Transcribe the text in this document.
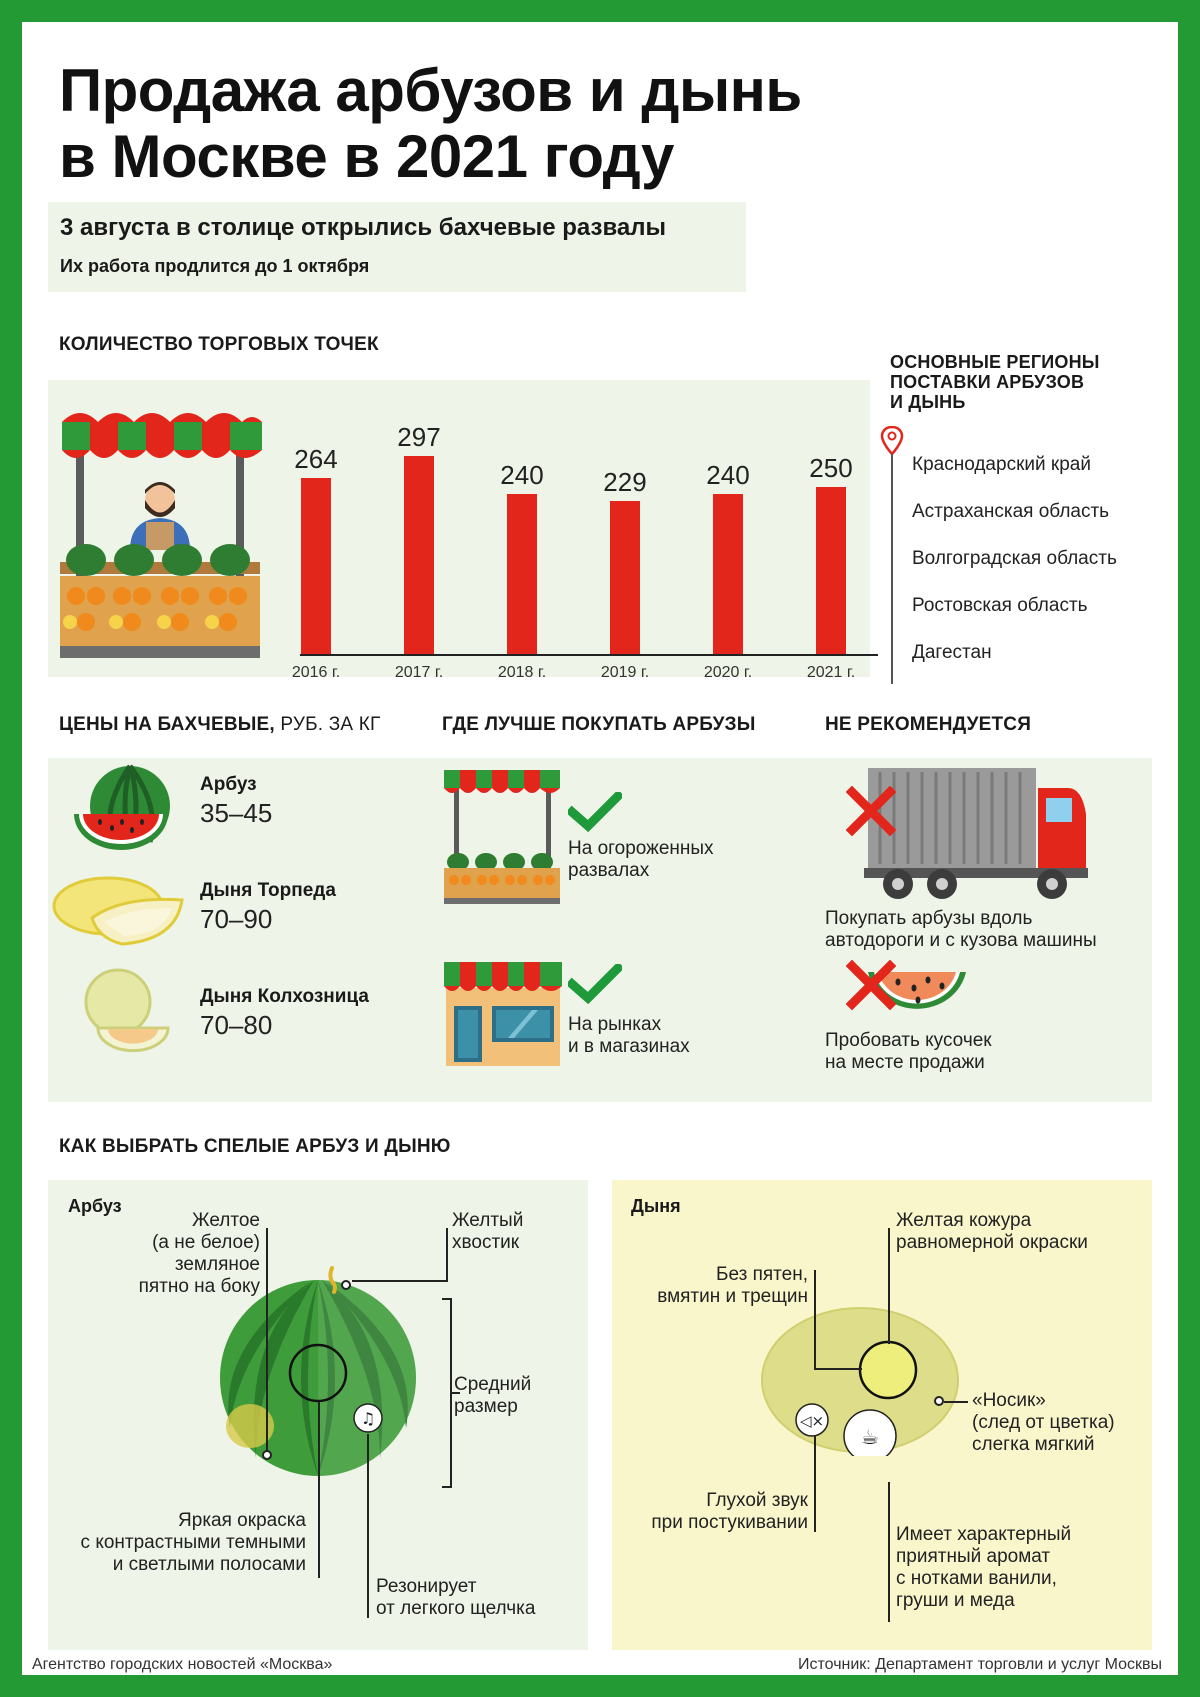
Продажа арбузов и дынь
в Москве в 2021 году
3 августа в столице открылись бахчевые развалы
Их работа продлится до 1 октября
КОЛИЧЕСТВО ТОРГОВЫХ ТОЧЕК
264
2016 г.
297
2017 г.
240
2018 г.
229
2019 г.
240
2020 г.
250
2021 г.
ОСНОВНЫЕ РЕГИОНЫ
ПОСТАВКИ АРБУЗОВ
И ДЫНЬ
Краснодарский край
Астраханская область
Волгоградская область
Ростовская область
Дагестан
ЦЕНЫ НА БАХЧЕВЫЕ, РУБ. ЗА КГ	ГДЕ ЛУЧШЕ ПОКУПАТЬ АРБУЗЫ	НЕ РЕКОМЕНДУЕТСЯ
Арбуз
35–45
Дыня Торпеда
70–90
Дыня Колхозница
70–80
На огороженных
развалах
На рынках
и в магазинах
Покупать арбузы вдоль
автодороги и с кузова машины
Пробовать кусочек
на месте продажи
КАК ВЫБРАТЬ СПЕЛЫЕ АРБУЗ И ДЫНЮ
Арбуз
♫
Желтое
(а не белое)
земляное
пятно на боку
Желтый
хвостик
Средний
размер
Яркая окраска
с контрастными темными
и светлыми полосами
Резонирует
от легкого щелчка
Дыня
◁×
☕
Желтая кожура
равномерной окраски
Без пятен,
вмятин и трещин
«Носик»
(след от цветка)
слегка мягкий
Глухой звук
при постукивании
Имеет характерный
приятный аромат
с нотками ванили,
груши и меда
Агентство городских новостей «Москва»	Источник: Департамент торговли и услуг Москвы
